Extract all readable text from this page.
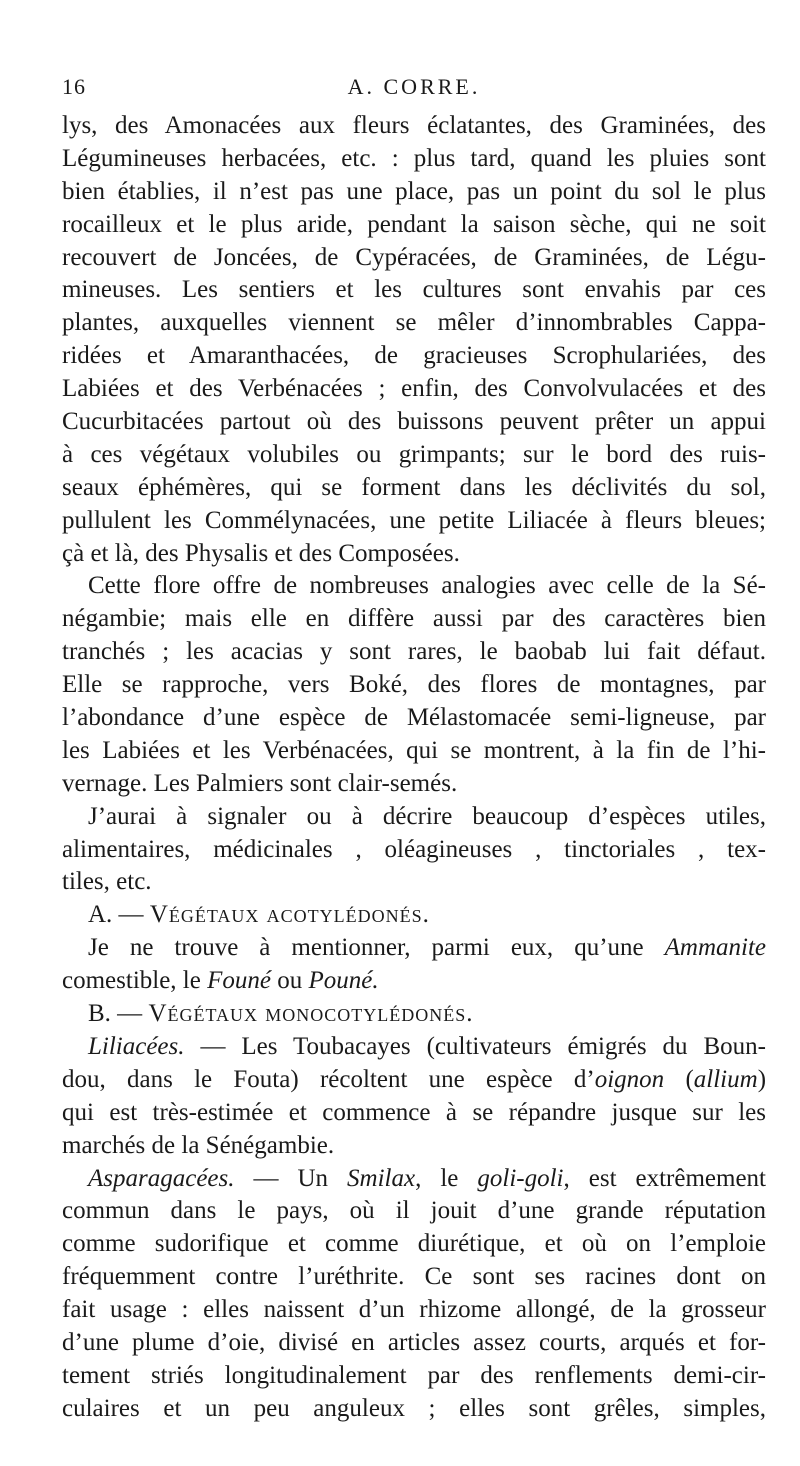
16	A. CORRE.
lys, des Amonacées aux fleurs éclatantes, des Graminées, des
Légumineuses herbacées, etc. : plus tard, quand les pluies sont
bien établies, il n’est pas une place, pas un point du sol le plus
rocailleux et le plus aride, pendant la saison sèche, qui ne soit
recouvert de Joncées, de Cypéracées, de Graminées, de Légu-
mineuses. Les sentiers et les cultures sont envahis par ces
plantes, auxquelles viennent se mêler d’innombrables Cappa-
ridées et Amaranthacées, de gracieuses Scrophulariées, des
Labiées et des Verbénacées ; enfin, des Convolvulacées et des
Cucurbitacées partout où des buissons peuvent prêter un appui
à ces végétaux volubiles ou grimpants; sur le bord des ruis-
seaux éphémères, qui se forment dans les déclivités du sol,
pullulent les Commélynacées, une petite Liliacée à fleurs bleues;
çà et là, des Physalis et des Composées.
Cette flore offre de nombreuses analogies avec celle de la Sé-
négambie; mais elle en diffère aussi par des caractères bien
tranchés ; les acacias y sont rares, le baobab lui fait défaut.
Elle se rapproche, vers Boké, des flores de montagnes, par
l’abondance d’une espèce de Mélastomacée semi-ligneuse, par
les Labiées et les Verbénacées, qui se montrent, à la fin de l’hi-
vernage. Les Palmiers sont clair-semés.
J’aurai à signaler ou à décrire beaucoup d’espèces utiles,
alimentaires, médicinales , oléagineuses , tinctoriales , tex-
tiles, etc.
A. — Végétaux acotylédonés.
Je ne trouve à mentionner, parmi eux, qu’une Ammanite
comestible, le Founé ou Pouné.
B. — Végétaux monocotylédonés.
Liliacées. — Les Toubacayes (cultivateurs émigrés du Boun-
dou, dans le Fouta) récoltent une espèce d’oignon (allium)
qui est très-estimée et commence à se répandre jusque sur les
marchés de la Sénégambie.
Asparagacées. — Un Smilax, le goli-goli, est extrêmement
commun dans le pays, où il jouit d’une grande réputation
comme sudorifique et comme diurétique, et où on l’emploie
fréquemment contre l’uréthrite. Ce sont ses racines dont on
fait usage : elles naissent d’un rhizome allongé, de la grosseur
d’une plume d’oie, divisé en articles assez courts, arqués et for-
tement striés longitudinalement par des renflements demi-cir-
culaires et un peu anguleux ; elles sont grêles, simples,
